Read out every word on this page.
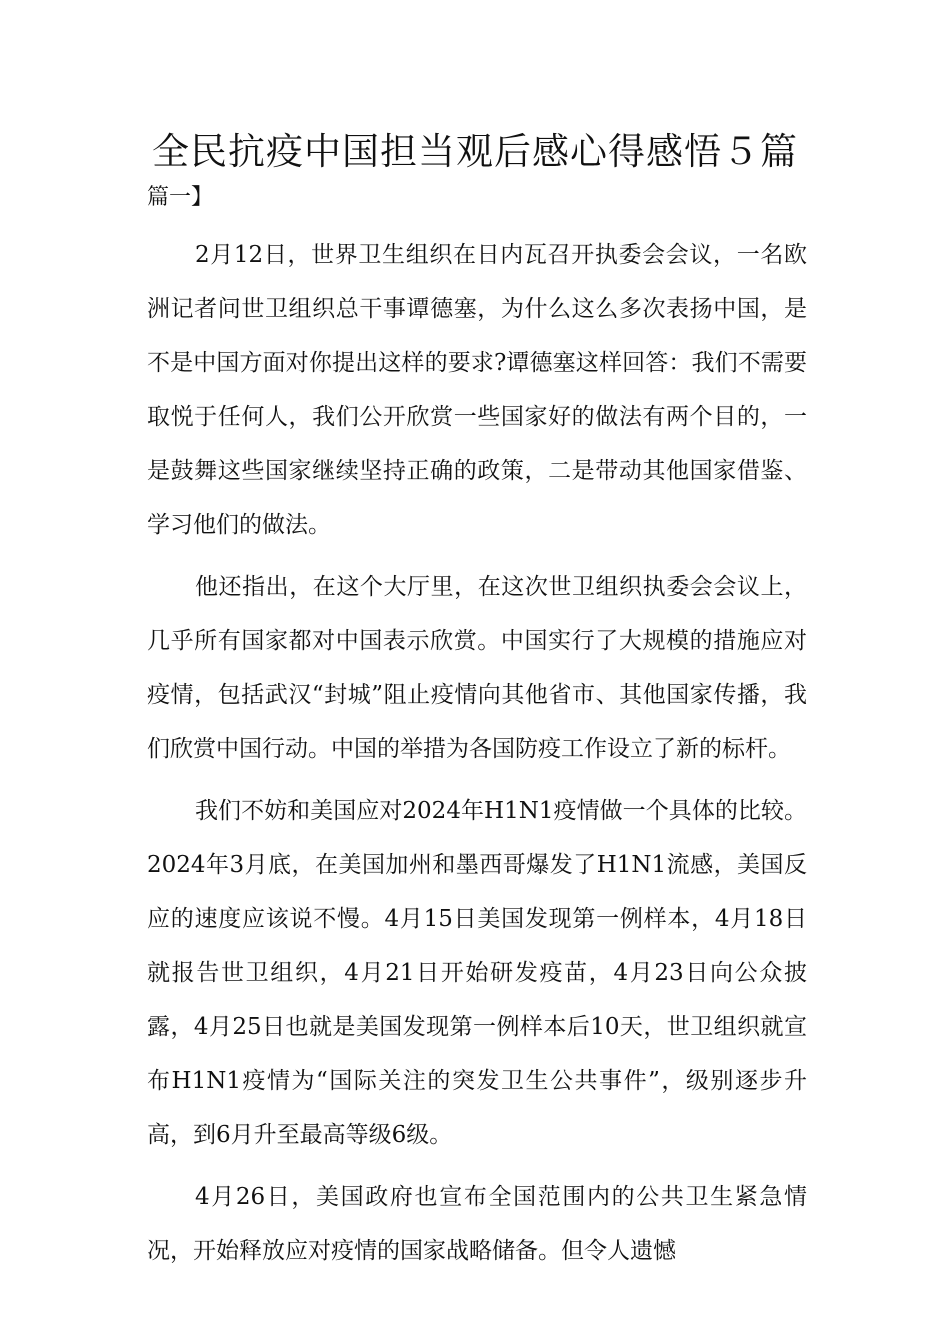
全民抗疫中国担当观后感心得感悟５篇
篇一】

2月12日，世界卫生组织在日内瓦召开执委会会议，一名欧洲记者问世卫组织总干事谭德塞，为什么这么多次表扬中国，是不是中国方面对你提出这样的要求?谭德塞这样回答：我们不需要取悦于任何人，我们公开欣赏一些国家好的做法有两个目的，一是鼓舞这些国家继续坚持正确的政策，二是带动其他国家借鉴、学习他们的做法。

他还指出，在这个大厅里，在这次世卫组织执委会会议上，几乎所有国家都对中国表示欣赏。中国实行了大规模的措施应对疫情，包括武汉“封城”阻止疫情向其他省市、其他国家传播，我们欣赏中国行动。中国的举措为各国防疫工作设立了新的标杆。

我们不妨和美国应对2024年H1N1疫情做一个具体的比较。2024年3月底，在美国加州和墨西哥爆发了H1N1流感，美国反应的速度应该说不慢。4月15日美国发现第一例样本，4月18日就报告世卫组织，4月21日开始研发疫苗，4月23日向公众披露，4月25日也就是美国发现第一例样本后10天，世卫组织就宣布H1N1疫情为“国际关注的突发卫生公共事件”，级别逐步升高，到6月升至最高等级6级。

4月26日，美国政府也宣布全国范围内的公共卫生紧急情况，开始释放应对疫情的国家战略储备。但令人遗憾
